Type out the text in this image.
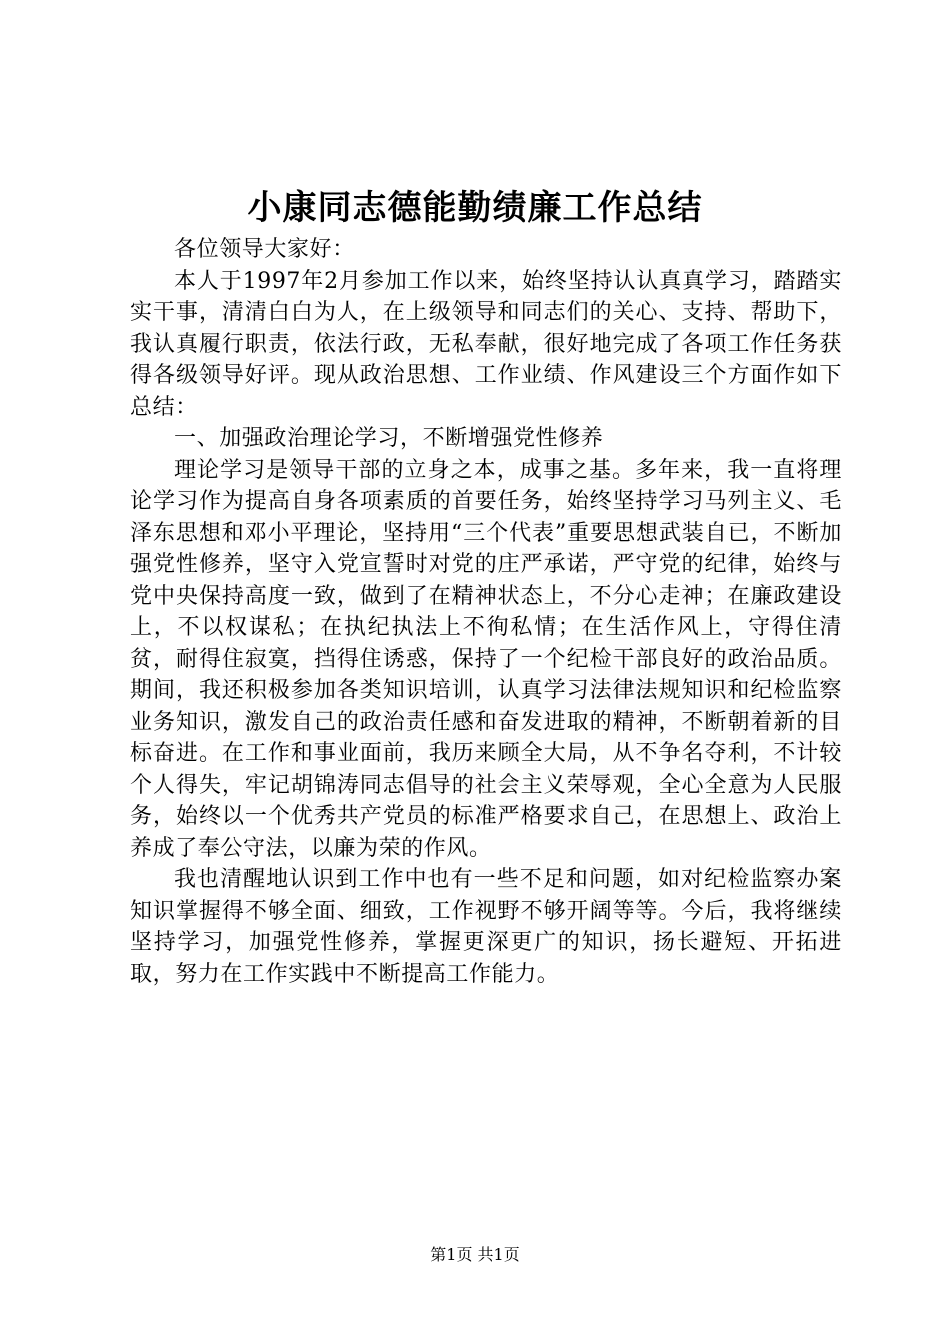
小康同志德能勤绩廉工作总结

各位领导大家好：

本人于1997年2月参加工作以来，始终坚持认认真真学习，踏踏实实干事，清清白白为人，在上级领导和同志们的关心、支持、帮助下，我认真履行职责，依法行政，无私奉献，很好地完成了各项工作任务获得各级领导好评。现从政治思想、工作业绩、作风建设三个方面作如下总结：

一、加强政治理论学习，不断增强党性修养

理论学习是领导干部的立身之本，成事之基。多年来，我一直将理论学习作为提高自身各项素质的首要任务，始终坚持学习马列主义、毛泽东思想和邓小平理论，坚持用“三个代表”重要思想武装自已，不断加强党性修养，坚守入党宣誓时对党的庄严承诺，严守党的纪律，始终与党中央保持高度一致，做到了在精神状态上，不分心走神；在廉政建设上，不以权谋私；在执纪执法上不徇私情；在生活作风上，守得住清贫，耐得住寂寞，挡得住诱惑，保持了一个纪检干部良好的政治品质。期间，我还积极参加各类知识培训，认真学习法律法规知识和纪检监察业务知识，激发自己的政治责任感和奋发进取的精神，不断朝着新的目标奋进。在工作和事业面前，我历来顾全大局，从不争名夺利，不计较个人得失，牢记胡锦涛同志倡导的社会主义荣辱观，全心全意为人民服务，始终以一个优秀共产党员的标准严格要求自己，在思想上、政治上养成了奉公守法，以廉为荣的作风。

我也清醒地认识到工作中也有一些不足和问题，如对纪检监察办案知识掌握得不够全面、细致，工作视野不够开阔等等。今后，我将继续坚持学习，加强党性修养，掌握更深更广的知识，扬长避短、开拓进取，努力在工作实践中不断提高工作能力。

第1页 共1页
